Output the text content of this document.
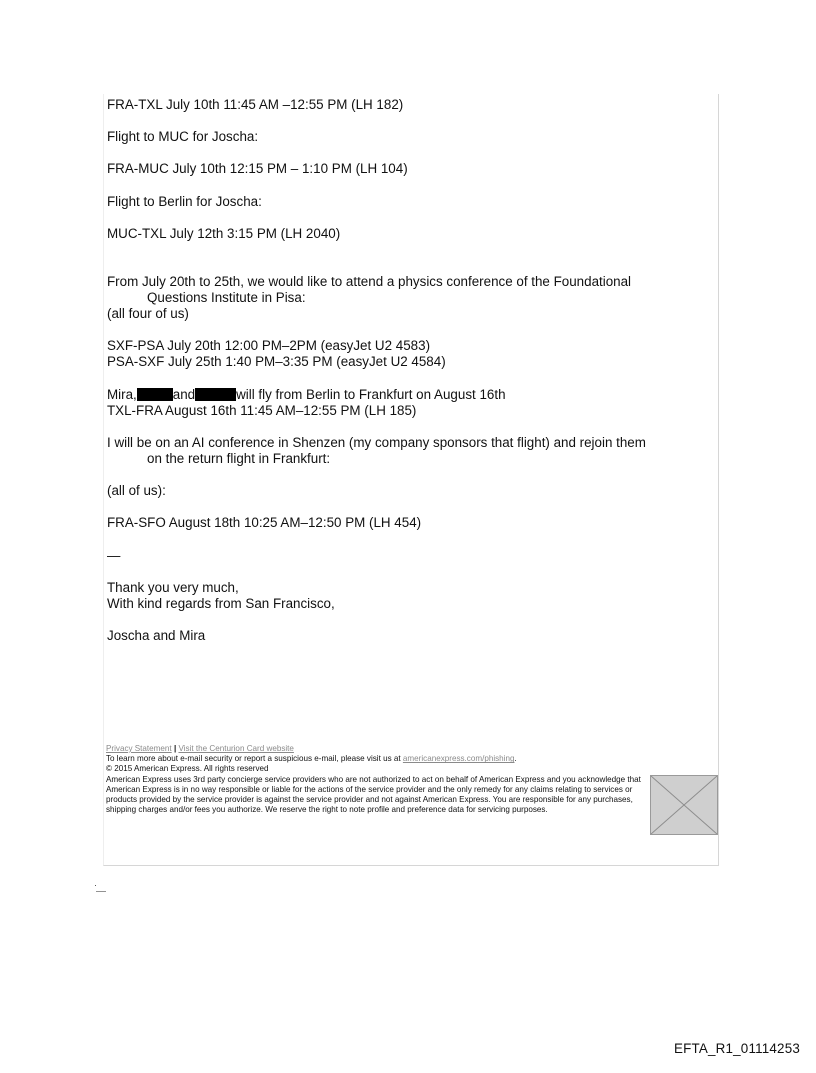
FRA-TXL July 10th 11:45 AM –12:55 PM (LH 182)
Flight to MUC for Joscha:
FRA-MUC July 10th 12:15 PM – 1:10 PM (LH 104)
Flight to Berlin for Joscha:
MUC-TXL July 12th 3:15 PM (LH 2040)
From July 20th to 25th, we would like to attend a physics conference of the Foundational
Questions Institute in Pisa:
(all four of us)
SXF-PSA July 20th 12:00 PM–2PM (easyJet U2 4583)
PSA-SXF July 25th 1:40 PM–3:35 PM (easyJet U2 4584)
Mira,	and	will fly from Berlin to Frankfurt on August 16th
TXL-FRA August 16th 11:45 AM–12:55 PM (LH 185)
I will be on an AI conference in Shenzen (my company sponsors that flight) and rejoin them
on the return flight in Frankfurt:
(all of us):
FRA-SFO August 18th 10:25 AM–12:50 PM (LH 454)
—
Thank you very much,
With kind regards from San Francisco,
Joscha and Mira
Privacy Statement | Visit the Centurion Card website
To learn more about e-mail security or report a suspicious e-mail, please visit us at americanexpress.com/phishing.
© 2015 American Express. All rights reserved
American Express uses 3rd party concierge service providers who are not authorized to act on behalf of American Express and you acknowledge that American Express is in no way responsible or liable for the actions of the service provider and the only remedy for any claims relating to services or products provided by the service provider is against the service provider and not against American Express. You are responsible for any purchases, shipping charges and/or fees you authorize. We reserve the right to note profile and preference data for servicing purposes.
EFTA_R1_01114253
